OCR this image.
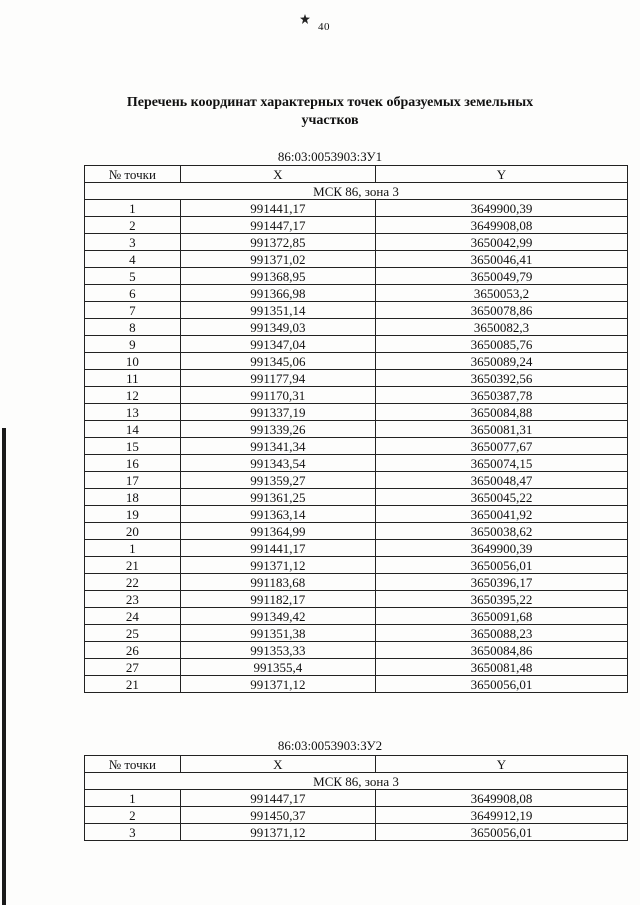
40
Перечень координат характерных точек образуемых земельных
участков
86:03:0053903:ЗУ1
№ точки	X	Y
МСК 86, зона 3		
1	991441,17	3649900,39
2	991447,17	3649908,08
3	991372,85	3650042,99
4	991371,02	3650046,41
5	991368,95	3650049,79
6	991366,98	3650053,2
7	991351,14	3650078,86
8	991349,03	3650082,3
9	991347,04	3650085,76
10	991345,06	3650089,24
11	991177,94	3650392,56
12	991170,31	3650387,78
13	991337,19	3650084,88
14	991339,26	3650081,31
15	991341,34	3650077,67
16	991343,54	3650074,15
17	991359,27	3650048,47
18	991361,25	3650045,22
19	991363,14	3650041,92
20	991364,99	3650038,62
1	991441,17	3649900,39
21	991371,12	3650056,01
22	991183,68	3650396,17
23	991182,17	3650395,22
24	991349,42	3650091,68
25	991351,38	3650088,23
26	991353,33	3650084,86
27	991355,4	3650081,48
21	991371,12	3650056,01
86:03:0053903:ЗУ2
№ точки	X	Y
МСК 86, зона 3		
1	991447,17	3649908,08
2	991450,37	3649912,19
3	991371,12	3650056,01
